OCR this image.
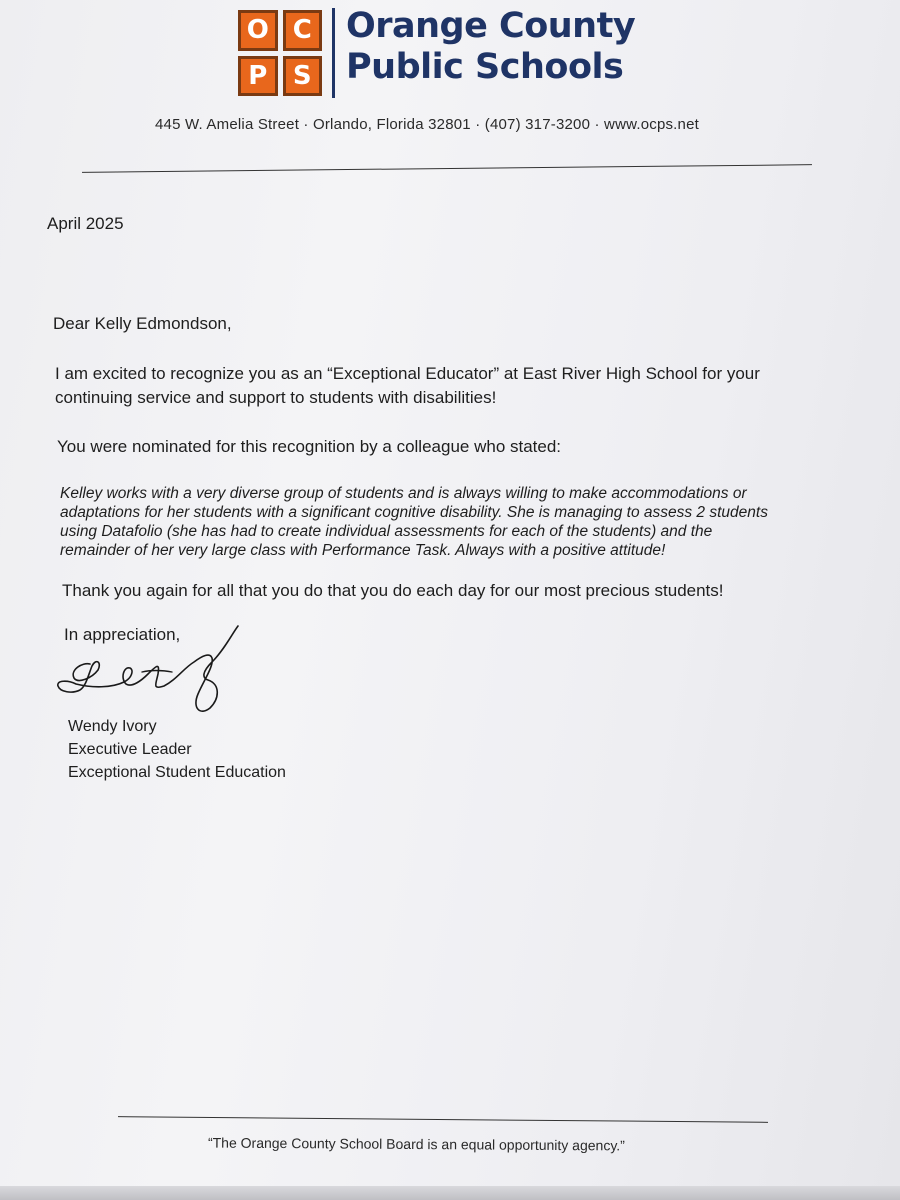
O C
P S
Orange County
Public Schools
445 W. Amelia Street · Orlando, Florida 32801 · (407) 317-3200 · www.ocps.net
April 2025
Dear Kelly Edmondson,
I am excited to recognize you as an “Exceptional Educator” at East River High School for your
continuing service and support to students with disabilities!
You were nominated for this recognition by a colleague who stated:
Kelley works with a very diverse group of students and is always willing to make accommodations or
adaptations for her students with a significant cognitive disability. She is managing to assess 2 students
using Datafolio (she has had to create individual assessments for each of the students) and the
remainder of her very large class with Performance Task. Always with a positive attitude!
Thank you again for all that you do that you do each day for our most precious students!
In appreciation,
Wendy Ivory
Executive Leader
Exceptional Student Education
“The Orange County School Board is an equal opportunity agency.”
